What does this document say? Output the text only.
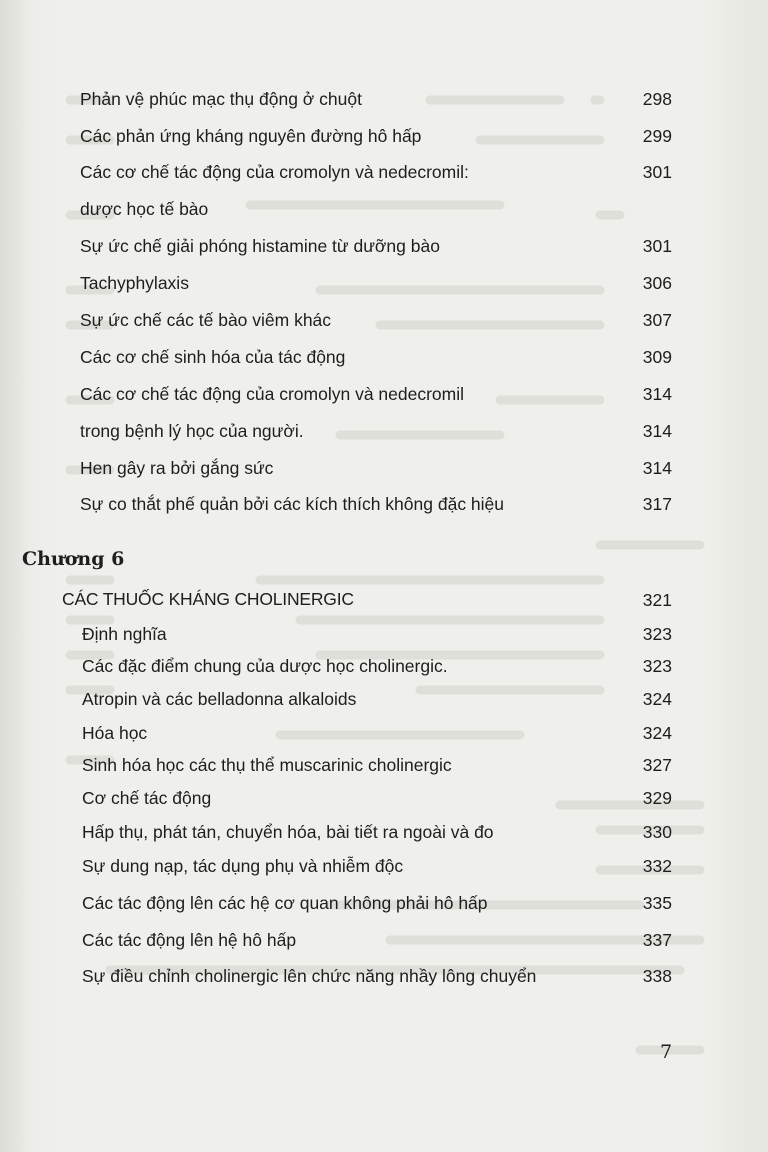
Phản vệ phúc mạc thụ động ở chuột	298
Các phản ứng kháng nguyên đường hô hấp	299
Các cơ chế tác động của cromolyn và nedecromil:	301
dược học tế bào
Sự ức chế giải phóng histamine từ dưỡng bào	301
Tachyphylaxis	306
Sự ức chế các tế bào viêm khác	307
Các cơ chế sinh hóa của tác động	309
Các cơ chế tác động của cromolyn và nedecromil	314
trong bệnh lý học của người.	314
Hen gây ra bởi gắng sức	314
Sự co thắt phế quản bởi các kích thích không đặc hiệu	317
Chương 6
CÁC THUỐC KHÁNG CHOLINERGIC	321
Định nghĩa	323
Các đặc điểm chung của dược học cholinergic.	323
Atropin và các belladonna alkaloids	324
Hóa học	324
Sinh hóa học các thụ thể muscarinic cholinergic	327
Cơ chế tác động	329
Hấp thụ, phát tán, chuyển hóa, bài tiết ra ngoài và đo	330
Sự dung nạp, tác dụng phụ và nhiễm độc	332
Các tác động lên các hệ cơ quan không phải hô hấp	335
Các tác động lên hệ hô hấp	337
Sự điều chỉnh cholinergic lên chức năng nhầy lông chuyển	338
7
